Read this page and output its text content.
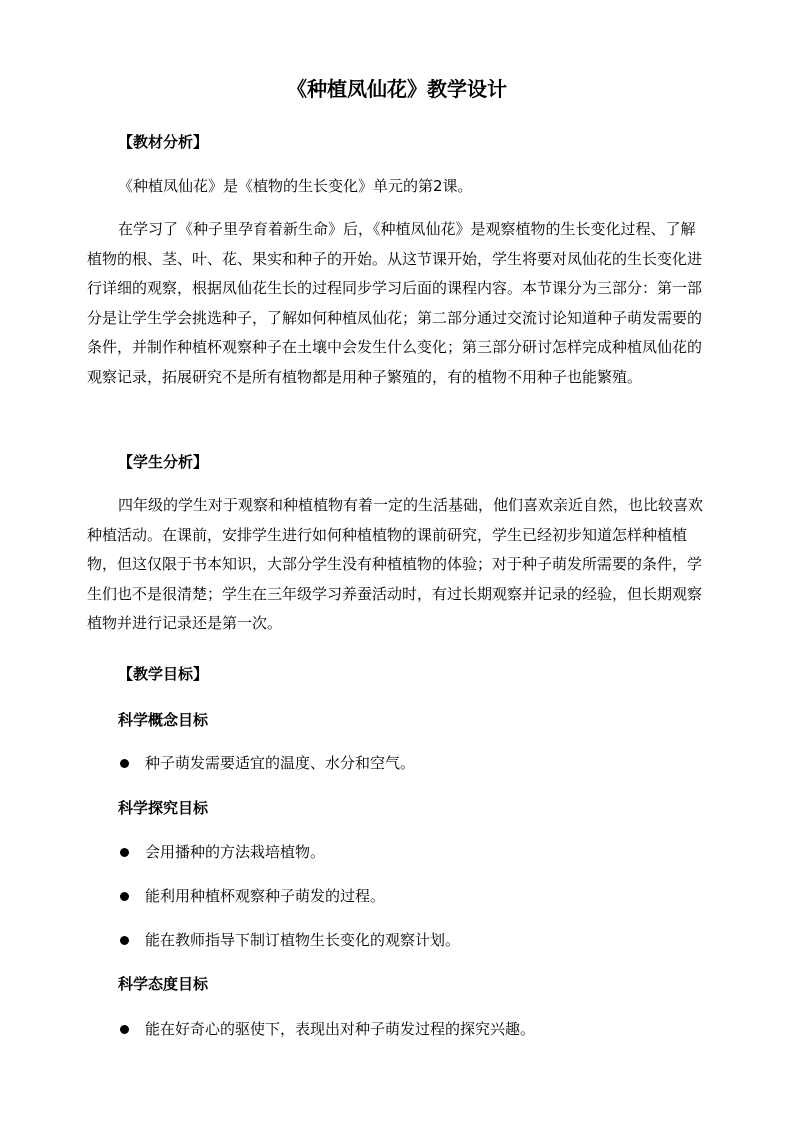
《种植凤仙花》教学设计
【教材分析】

《种植凤仙花》是《植物的生长变化》单元的第2课。

在学习了《种子里孕育着新生命》后，《种植凤仙花》是观察植物的生长变化过程、了解植物的根、茎、叶、花、果实和种子的开始。从这节课开始，学生将要对凤仙花的生长变化进行详细的观察，根据凤仙花生长的过程同步学习后面的课程内容。本节课分为三部分：第一部分是让学生学会挑选种子，了解如何种植凤仙花；第二部分通过交流讨论知道种子萌发需要的条件，并制作种植杯观察种子在土壤中会发生什么变化；第三部分研讨怎样完成种植凤仙花的观察记录，拓展研究不是所有植物都是用种子繁殖的，有的植物不用种子也能繁殖。

【学生分析】

四年级的学生对于观察和种植植物有着一定的生活基础，他们喜欢亲近自然，也比较喜欢种植活动。在课前，安排学生进行如何种植植物的课前研究，学生已经初步知道怎样种植植物，但这仅限于书本知识，大部分学生没有种植植物的体验；对于种子萌发所需要的条件，学生们也不是很清楚；学生在三年级学习养蚕活动时，有过长期观察并记录的经验，但长期观察植物并进行记录还是第一次。

【教学目标】
科学概念目标
种子萌发需要适宜的温度、水分和空气。
科学探究目标
会用播种的方法栽培植物。
能利用种植杯观察种子萌发的过程。
能在教师指导下制订植物生长变化的观察计划。
科学态度目标
能在好奇心的驱使下，表现出对种子萌发过程的探究兴趣。
